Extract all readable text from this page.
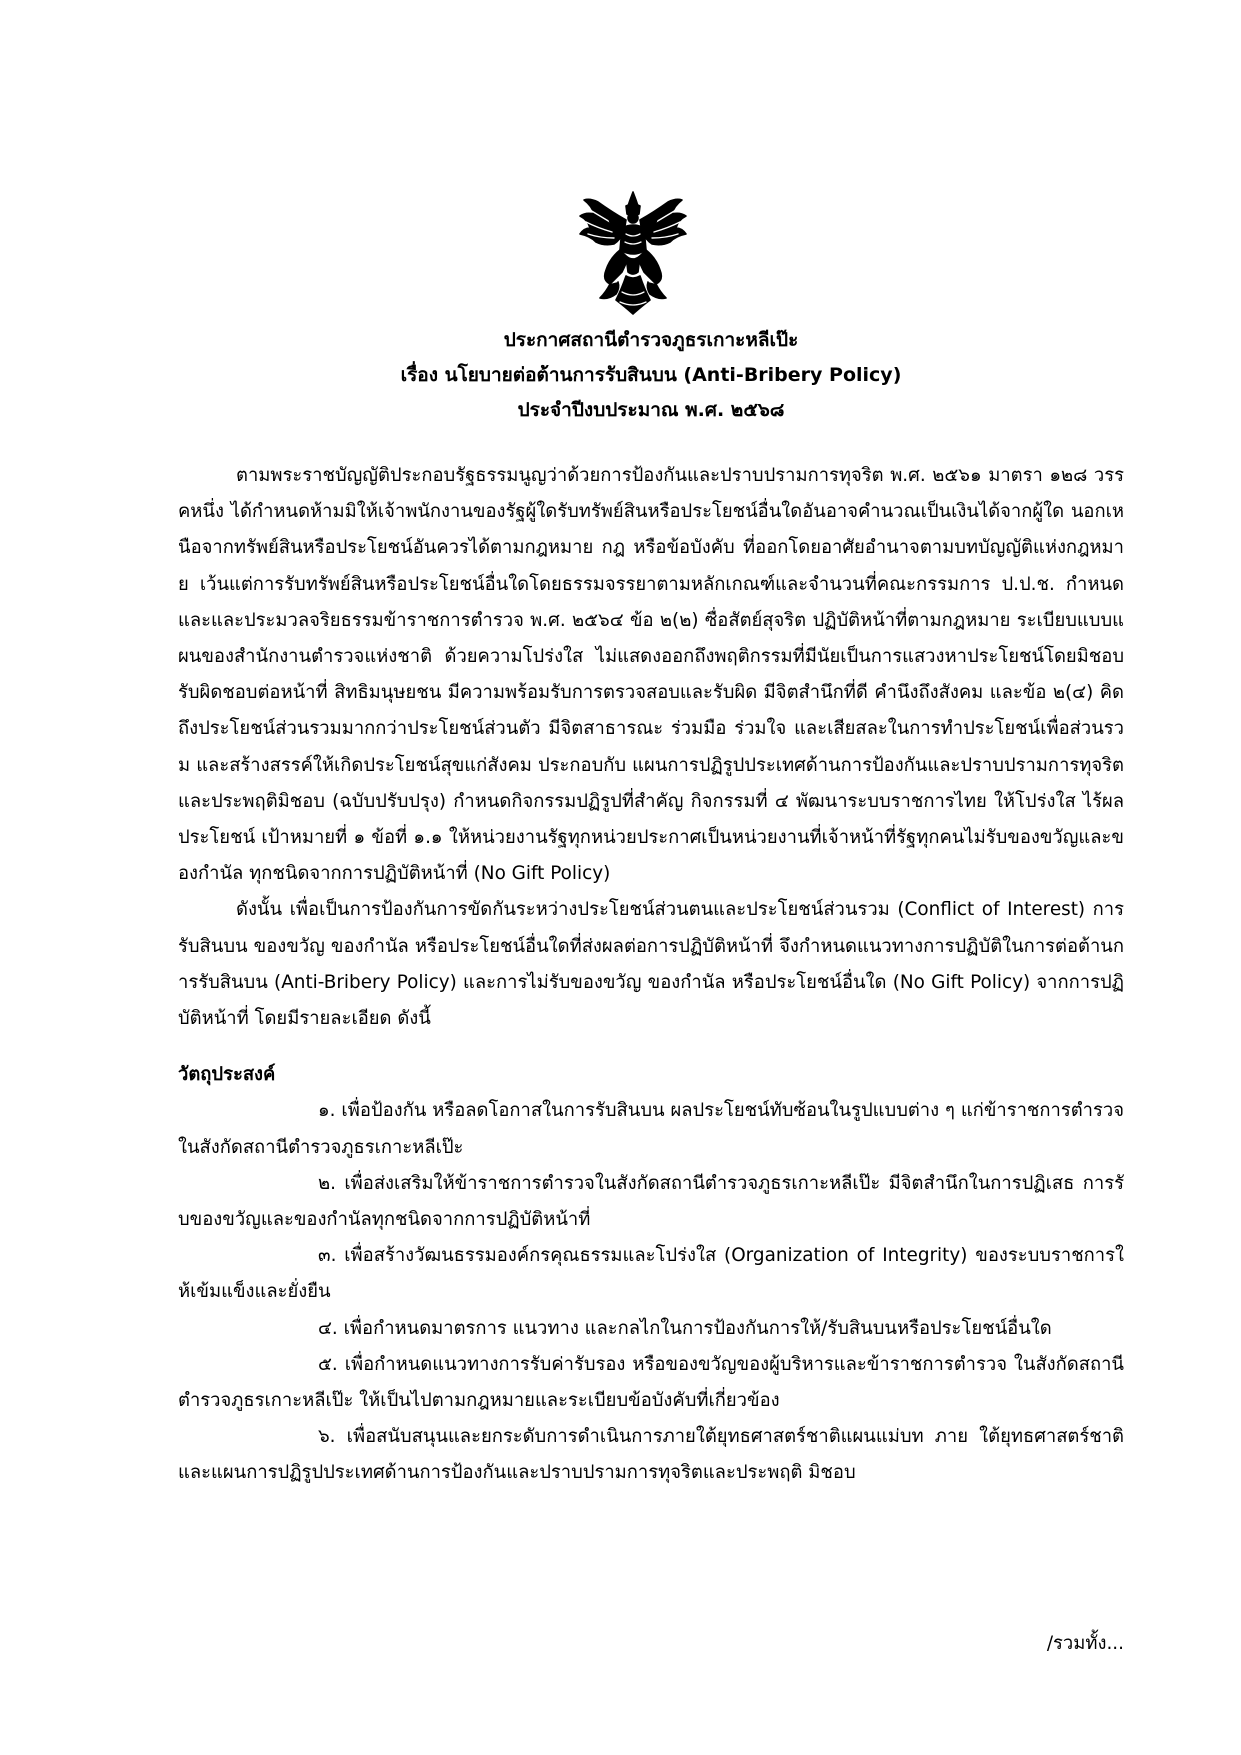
ประกาศสถานีตำรวจภูธรเกาะหลีเป๊ะ
เรื่อง นโยบายต่อต้านการรับสินบน (Anti-Bribery Policy)
ประจำปีงบประมาณ พ.ศ. ๒๕๖๘

ตามพระราชบัญญัติประกอบรัฐธรรมนูญว่าด้วยการป้องกันและปราบปรามการทุจริต พ.ศ. ๒๕๖๑ มาตรา ๑๒๘ วรรคหนึ่ง ได้กำหนดห้ามมิให้เจ้าพนักงานของรัฐผู้ใดรับทรัพย์สินหรือประโยชน์อื่นใดอันอาจคำนวณเป็นเงินได้จากผู้ใด นอกเหนือจากทรัพย์สินหรือประโยชน์อันควรได้ตามกฎหมาย กฎ หรือข้อบังคับ ที่ออกโดยอาศัยอำนาจตามบทบัญญัติแห่งกฎหมาย เว้นแต่การรับทรัพย์สินหรือประโยชน์อื่นใดโดยธรรมจรรยาตามหลักเกณฑ์และจำนวนที่คณะกรรมการ ป.ป.ช. กำหนด และและประมวลจริยธรรมข้าราชการตำรวจ พ.ศ. ๒๕๖๔ ข้อ ๒(๒) ซื่อสัตย์สุจริต ปฏิบัติหน้าที่ตามกฎหมาย ระเบียบแบบแผนของสำนักงานตำรวจแห่งชาติ ด้วยความโปร่งใส ไม่แสดงออกถึงพฤติกรรมที่มีนัยเป็นการแสวงหาประโยชน์โดยมิชอบ รับผิดชอบต่อหน้าที่ สิทธิมนุษยชน มีความพร้อมรับการตรวจสอบและรับผิด มีจิตสำนึกที่ดี คำนึงถึงสังคม และข้อ ๒(๔) คิดถึงประโยชน์ส่วนรวมมากกว่าประโยชน์ส่วนตัว มีจิตสาธารณะ ร่วมมือ ร่วมใจ และเสียสละในการทำประโยชน์เพื่อส่วนรวม และสร้างสรรค์ให้เกิดประโยชน์สุขแก่สังคม ประกอบกับ แผนการปฏิรูปประเทศด้านการป้องกันและปราบปรามการทุจริตและประพฤติมิชอบ (ฉบับปรับปรุง) กำหนดกิจกรรมปฏิรูปที่สำคัญ กิจกรรมที่ ๔ พัฒนาระบบราชการไทย ให้โปร่งใส ไร้ผลประโยชน์ เป้าหมายที่ ๑ ข้อที่ ๑.๑ ให้หน่วยงานรัฐทุกหน่วยประกาศเป็นหน่วยงานที่เจ้าหน้าที่รัฐทุกคนไม่รับของขวัญและของกำนัล ทุกชนิดจากการปฏิบัติหน้าที่ (No Gift Policy)

ดังนั้น เพื่อเป็นการป้องกันการขัดกันระหว่างประโยชน์ส่วนตนและประโยชน์ส่วนรวม (Conflict of Interest) การรับสินบน ของขวัญ ของกำนัล หรือประโยชน์อื่นใดที่ส่งผลต่อการปฏิบัติหน้าที่ จึงกำหนดแนวทางการปฏิบัติในการต่อต้านการรับสินบน (Anti-Bribery Policy) และการไม่รับของขวัญ ของกำนัล หรือประโยชน์อื่นใด (No Gift Policy) จากการปฏิบัติหน้าที่ โดยมีรายละเอียด ดังนี้

วัตถุประสงค์

๑. เพื่อป้องกัน หรือลดโอกาสในการรับสินบน ผลประโยชน์ทับซ้อนในรูปแบบต่าง ๆ แก่ข้าราชการตำรวจในสังกัดสถานีตำรวจภูธรเกาะหลีเป๊ะ

๒. เพื่อส่งเสริมให้ข้าราชการตำรวจในสังกัดสถานีตำรวจภูธรเกาะหลีเป๊ะ มีจิตสำนึกในการปฏิเสธ การรับของขวัญและของกำนัลทุกชนิดจากการปฏิบัติหน้าที่

๓. เพื่อสร้างวัฒนธรรมองค์กรคุณธรรมและโปร่งใส (Organization of Integrity) ของระบบราชการให้เข้มแข็งและยั่งยืน

๔. เพื่อกำหนดมาตรการ แนวทาง และกลไกในการป้องกันการให้/รับสินบนหรือประโยชน์อื่นใด

๕. เพื่อกำหนดแนวทางการรับค่ารับรอง หรือของขวัญของผู้บริหารและข้าราชการตำรวจ ในสังกัดสถานีตำรวจภูธรเกาะหลีเป๊ะ ให้เป็นไปตามกฎหมายและระเบียบข้อบังคับที่เกี่ยวข้อง

๖. เพื่อสนับสนุนและยกระดับการดำเนินการภายใต้ยุทธศาสตร์ชาติแผนแม่บท ภาย ใต้ยุทธศาสตร์ชาติ และแผนการปฏิรูปประเทศด้านการป้องกันและปราบปรามการทุจริตและประพฤติ มิชอบ

/รวมทั้ง...
